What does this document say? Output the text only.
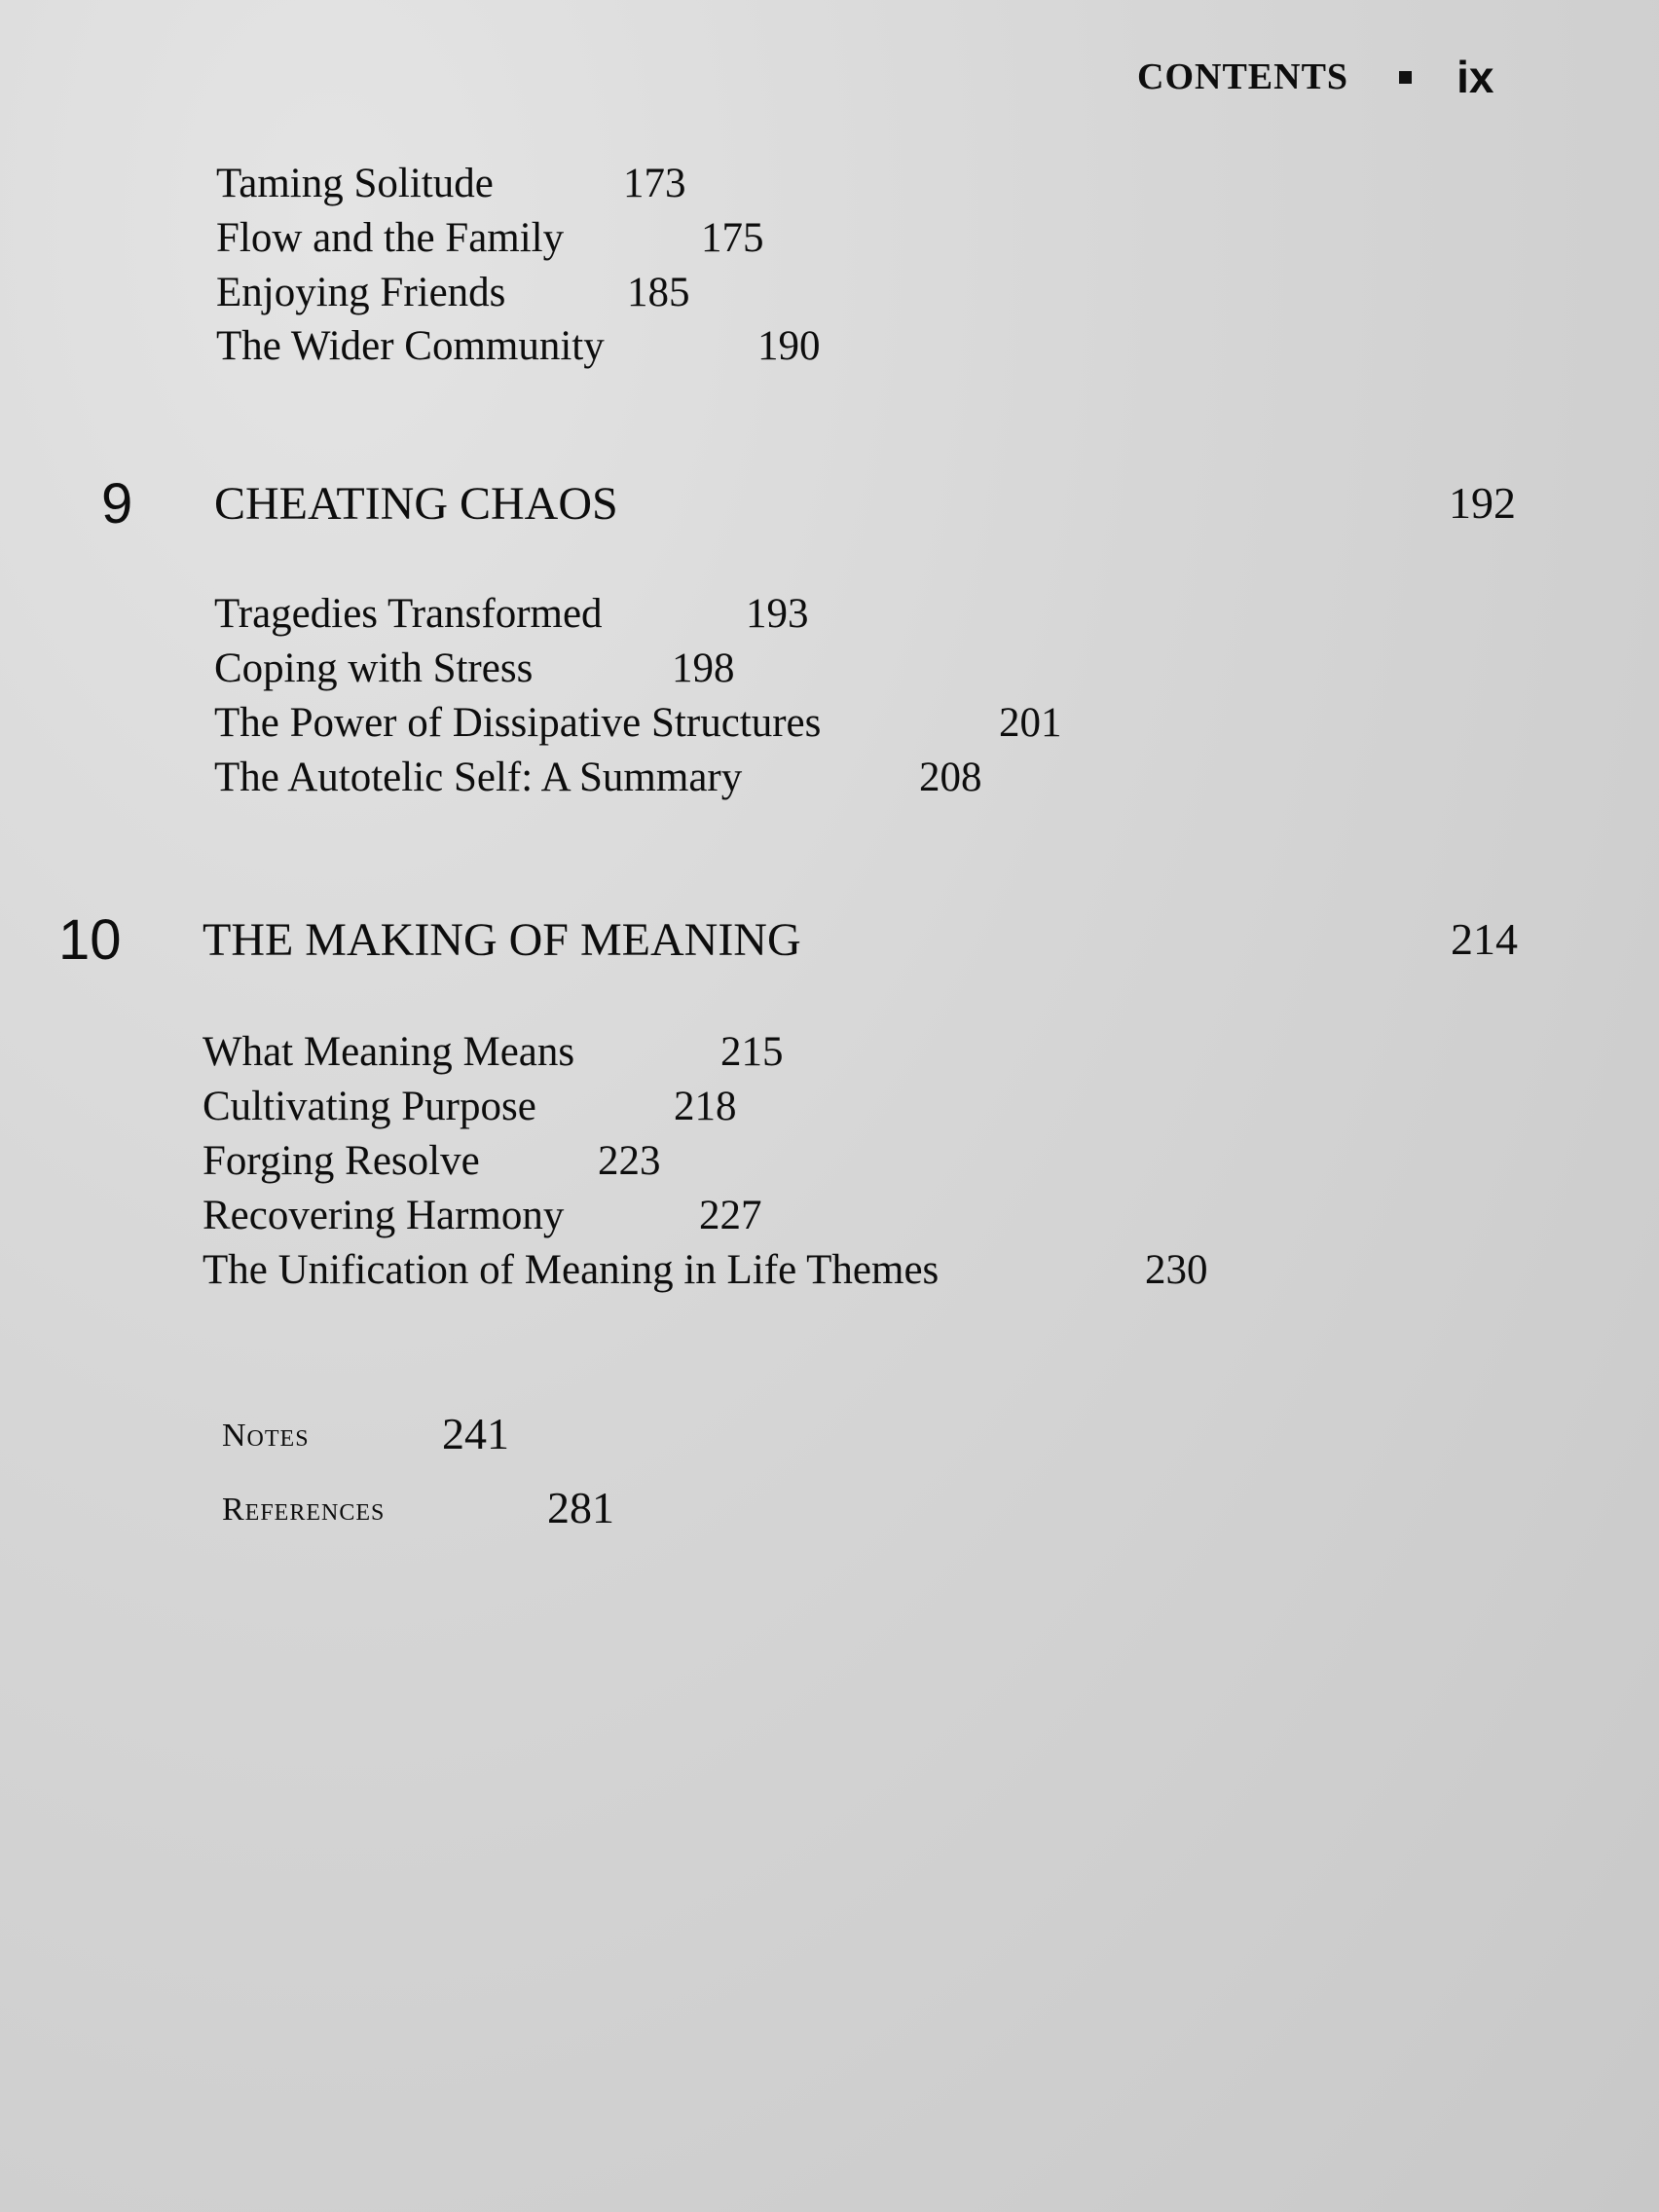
CONTENTS ix
Taming Solitude	173
Flow and the Family	175
Enjoying Friends	185
The Wider Community	190
9 CHEATING CHAOS	192
Tragedies Transformed	193
Coping with Stress	198
The Power of Dissipative Structures	201
The Autotelic Self: A Summary	208
10 THE MAKING OF MEANING	214
What Meaning Means	215
Cultivating Purpose	218
Forging Resolve	223
Recovering Harmony	227
The Unification of Meaning in Life Themes	230
Notes	241
References	281
